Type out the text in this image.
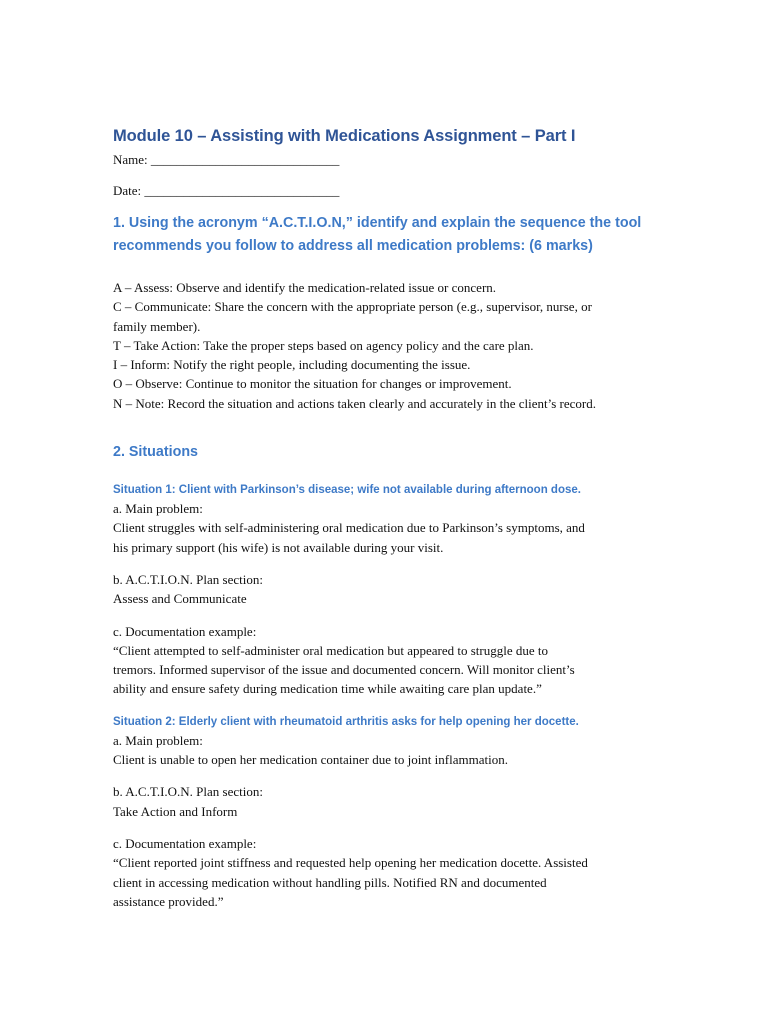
Module 10 – Assisting with Medications Assignment – Part I

Name: _____________________________

Date: ______________________________

1. Using the acronym “A.C.T.I.O.N,” identify and explain the sequence the tool
recommends you follow to address all medication problems: (6 marks)
A – Assess: Observe and identify the medication-related issue or concern.
C – Communicate: Share the concern with the appropriate person (e.g., supervisor, nurse, or
family member).
T – Take Action: Take the proper steps based on agency policy and the care plan.
I – Inform: Notify the right people, including documenting the issue.
O – Observe: Continue to monitor the situation for changes or improvement.
N – Note: Record the situation and actions taken clearly and accurately in the client’s record.
2. Situations
Situation 1: Client with Parkinson’s disease; wife not available during afternoon dose.
a. Main problem:
Client struggles with self-administering oral medication due to Parkinson’s symptoms, and
his primary support (his wife) is not available during your visit.
b. A.C.T.I.O.N. Plan section:
Assess and Communicate
c. Documentation example:
“Client attempted to self-administer oral medication but appeared to struggle due to
tremors. Informed supervisor of the issue and documented concern. Will monitor client’s
ability and ensure safety during medication time while awaiting care plan update.”
Situation 2: Elderly client with rheumatoid arthritis asks for help opening her docette.
a. Main problem:
Client is unable to open her medication container due to joint inflammation.
b. A.C.T.I.O.N. Plan section:
Take Action and Inform
c. Documentation example:
“Client reported joint stiffness and requested help opening her medication docette. Assisted
client in accessing medication without handling pills. Notified RN and documented
assistance provided.”
